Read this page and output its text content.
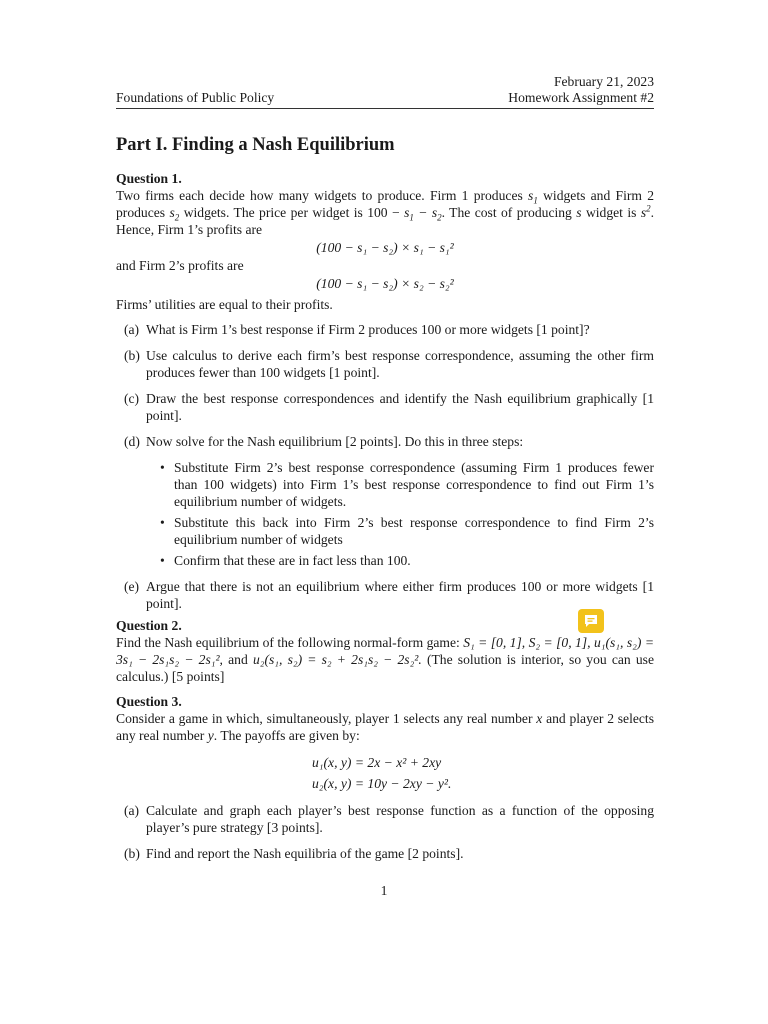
February 21, 2023
Foundations of Public Policy	Homework Assignment #2
Part I. Finding a Nash Equilibrium
Question 1.
Two firms each decide how many widgets to produce. Firm 1 produces $s_1$ widgets and Firm 2 produces $s_2$ widgets. The price per widget is $100 - s_1 - s_2$. The cost of producing s widget is $s^2$. Hence, Firm 1’s profits are
(100 − s₁ − s₂) × s₁ − s₁²
and Firm 2’s profits are
(100 − s₁ − s₂) × s₂ − s₂²
Firms’ utilities are equal to their profits.
(a) What is Firm 1’s best response if Firm 2 produces 100 or more widgets [1 point]?
(b) Use calculus to derive each firm’s best response correspondence, assuming the other firm produces fewer than 100 widgets [1 point].
(c) Draw the best response correspondences and identify the Nash equilibrium graphically [1 point].
(d) Now solve for the Nash equilibrium [2 points]. Do this in three steps:
• Substitute Firm 2’s best response correspondence (assuming Firm 1 produces fewer than 100 widgets) into Firm 1’s best response correspondence to find out Firm 1’s equilibrium number of widgets.
• Substitute this back into Firm 2’s best response correspondence to find Firm 2’s equilibrium number of widgets
• Confirm that these are in fact less than 100.
(e) Argue that there is not an equilibrium where either firm produces 100 or more widgets [1 point].
Question 2.
Find the Nash equilibrium of the following normal-form game: S₁ = [0, 1], S₂ = [0, 1], u₁(s₁, s₂) = 3s₁ − 2s₁s₂ − 2s₁², and u₂(s₁, s₂) = s₂ + 2s₁s₂ − 2s₂². (The solution is interior, so you can use calculus.) [5 points]
Question 3.
Consider a game in which, simultaneously, player 1 selects any real number x and player 2 selects any real number y. The payoffs are given by:
u₁(x, y) = 2x − x² + 2xy
u₂(x, y) = 10y − 2xy − y².
(a) Calculate and graph each player’s best response function as a function of the opposing player’s pure strategy [3 points].
(b) Find and report the Nash equilibria of the game [2 points].
1
